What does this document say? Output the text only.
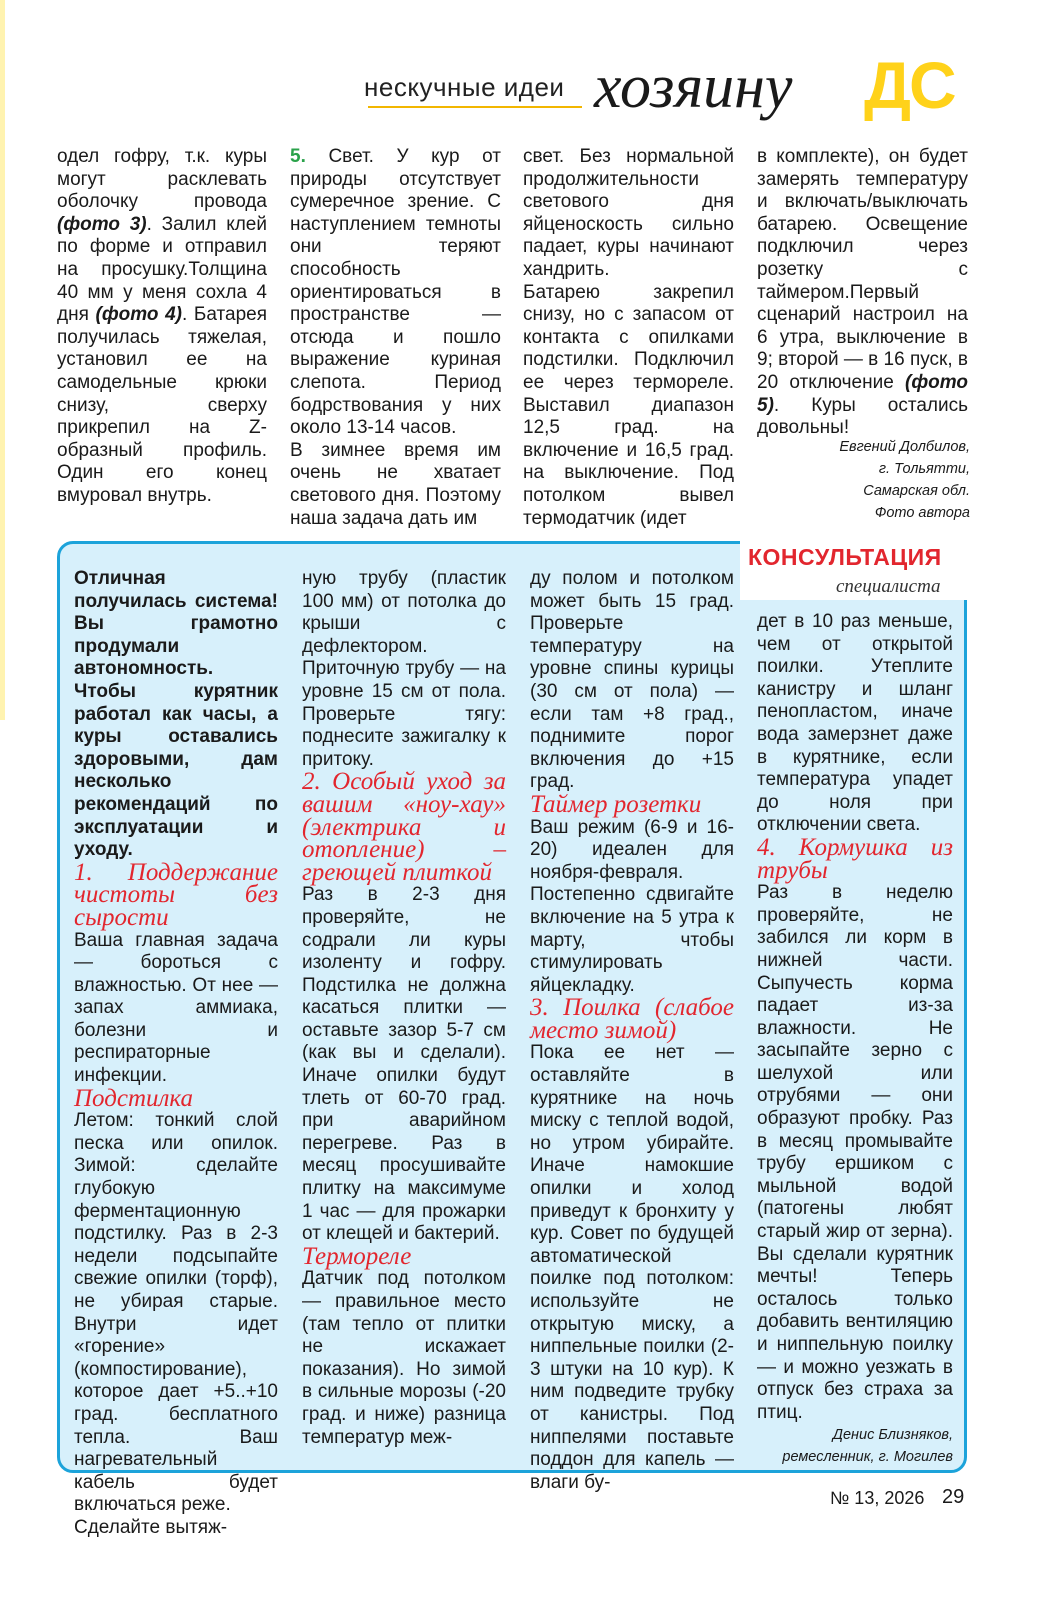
нескучные идеи хозяину ДС

одел гофру, т.к. куры могут расклевать оболочку провода (фото 3). Залил клей по форме и отправил на просушку.Толщина 40 мм у меня сохла 4 дня (фото 4). Батарея получилась тяжелая, установил ее на самодельные крюки снизу, сверху прикрепил на Z-образный профиль. Один его конец вмуровал внутрь.

5. Свет. У кур от природы отсутствует сумеречное зрение. С наступлением темноты они теряют способность ориентироваться в пространстве — отсюда и пошло выражение куриная слепота. Период бодрствования у них около 13-14 часов.

В зимнее время им очень не хватает светового дня. Поэтому наша задача дать им

свет. Без нормальной продолжительности светового дня яйценоскость сильно падает, куры начинают хандрить.

Батарею закрепил снизу, но с запасом от контакта с опилками подстилки. Подключил ее через термореле. Выставил диапазон 12,5 град. на включение и 16,5 град. на выключение. Под потолком вывел термодатчик (идет

в комплекте), он будет замерять температуру и включать/выключать батарею. Освещение подключил через розетку с таймером.Первый сценарий настроил на 6 утра, выключение в 9; второй — в 16 пуск, в 20 отключение (фото 5). Куры остались довольны!

Евгений Долбилов,
г. Тольятти,
Самарская обл.
Фото автора
КОНСУЛЬТАЦИЯ
специалиста

Отличная получилась система! Вы грамотно продумали автономность. Чтобы курятник работал как часы, а куры оставались здоровыми, дам несколько рекомендаций по эксплуатации и уходу.

1. Поддержание чистоты без сырости

Ваша главная задача — бороться с влажностью. От нее — запах аммиака, болезни и респираторные инфекции.

Подстилка

Летом: тонкий слой песка или опилок. Зимой: сделайте глубокую ферментационную подстилку. Раз в 2-3 недели подсыпайте свежие опилки (торф), не убирая старые. Внутри идет «горение» (компостирование), которое дает +5..+10 град. бесплатного тепла. Ваш нагревательный кабель будет включаться реже.

Сделайте вытяж-

ную трубу (пластик 100 мм) от потолка до крыши с дефлектором. Приточную трубу — на уровне 15 см от пола. Проверьте тягу: поднесите зажигалку к притоку.

2. Особый уход за вашим «ноу-хау» (электрика и отопление) – греющей плиткой

Раз в 2-3 дня проверяйте, не содрали ли куры изоленту и гофру. Подстилка не должна касаться плитки — оставьте зазор 5-7 см (как вы и сделали). Иначе опилки будут тлеть от 60-70 град. при аварийном перегреве. Раз в месяц просушивайте плитку на максимуме 1 час — для прожарки от клещей и бактерий.

Термореле

Датчик под потолком — правильное место (там тепло от плитки не искажает показания). Но зимой в сильные морозы (-20 град. и ниже) разница температур меж-

ду полом и потолком может быть 15 град. Проверьте температуру на уровне спины курицы (30 см от пола) — если там +8 град., поднимите порог включения до +15 град.

Таймер розетки

Ваш режим (6-9 и 16-20) идеален для ноября-февраля. Постепенно сдвигайте включение на 5 утра к марту, чтобы стимулировать яйцекладку.

3. Поилка (слабое место зимой)

Пока ее нет — оставляйте в курятнике на ночь миску с теплой водой, но утром убирайте. Иначе намокшие опилки и холод приведут к бронхиту у кур. Совет по будущей автоматической поилке под потолком: используйте не открытую миску, а ниппельные поилки (2-3 штуки на 10 кур). К ним подведите трубку от канистры. Под ниппелями поставьте поддон для капель — влаги бу-

дет в 10 раз меньше, чем от открытой поилки. Утеплите канистру и шланг пенопластом, иначе вода замерзнет даже в курятнике, если температура упадет до ноля при отключении света.

4. Кормушка из трубы

Раз в неделю проверяйте, не забился ли корм в нижней части. Сыпучесть корма падает из-за влажности. Не засыпайте зерно с шелухой или отрубями — они образуют пробку. Раз в месяц промывайте трубу ершиком с мыльной водой (патогены любят старый жир от зерна). Вы сделали курятник мечты! Теперь осталось только добавить вентиляцию и ниппельную поилку — и можно уезжать в отпуск без страха за птиц.

Денис Близняков,

ремесленник, г. Могилев

№ 13, 2026 29
